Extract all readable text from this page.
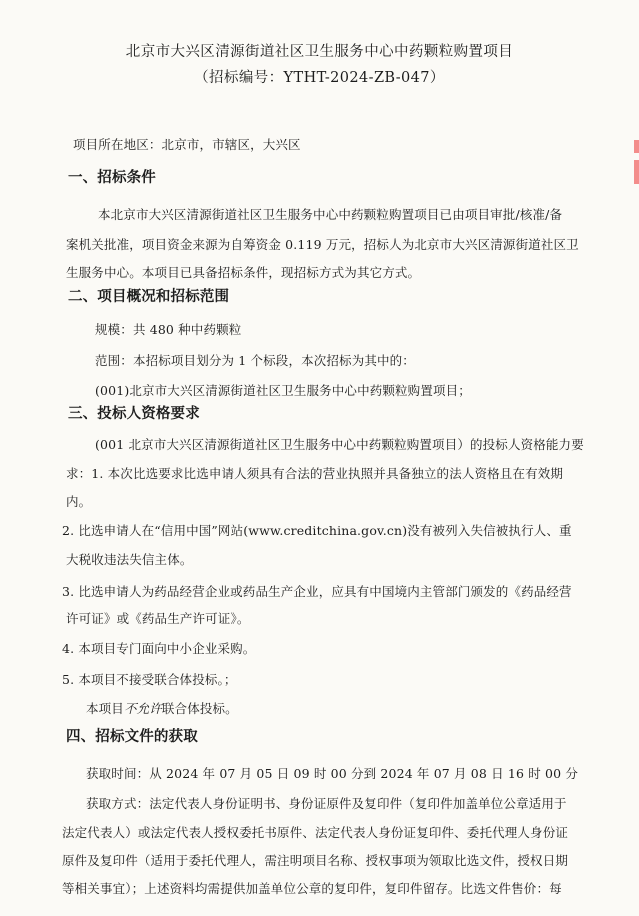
北京市大兴区清源街道社区卫生服务中心中药颗粒购置项目
（招标编号：YTHT-2024-ZB-047）
项目所在地区：北京市，市辖区，大兴区
一、招标条件
本北京市大兴区清源街道社区卫生服务中心中药颗粒购置项目已由项目审批/核准/备
案机关批准，项目资金来源为自筹资金 0.119 万元，招标人为北京市大兴区清源街道社区卫
生服务中心。本项目已具备招标条件，现招标方式为其它方式。
二、项目概况和招标范围
规模：共 480 种中药颗粒
范围：本招标项目划分为 1 个标段，本次招标为其中的：
(001)北京市大兴区清源街道社区卫生服务中心中药颗粒购置项目；
三、投标人资格要求
(001 北京市大兴区清源街道社区卫生服务中心中药颗粒购置项目）的投标人资格能力要
求：1. 本次比选要求比选申请人须具有合法的营业执照并具备独立的法人资格且在有效期
内。
2. 比选申请人在“信用中国”网站(www.creditchina.gov.cn)没有被列入失信被执行人、重
大税收违法失信主体。
3. 比选申请人为药品经营企业或药品生产企业，应具有中国境内主管部门颁发的《药品经营
许可证》或《药品生产许可证》。
4. 本项目专门面向中小企业采购。
5. 本项目不接受联合体投标。；
本项目不允许联合体投标。
四、招标文件的获取
获取时间：从 2024 年 07 月 05 日 09 时 00 分到 2024 年 07 月 08 日 16 时 00 分
获取方式：法定代表人身份证明书、身份证原件及复印件（复印件加盖单位公章适用于
法定代表人）或法定代表人授权委托书原件、法定代表人身份证复印件、委托代理人身份证
原件及复印件（适用于委托代理人，需注明项目名称、授权事项为领取比选文件，授权日期
等相关事宜）；上述资料均需提供加盖单位公章的复印件，复印件留存。比选文件售价：每
